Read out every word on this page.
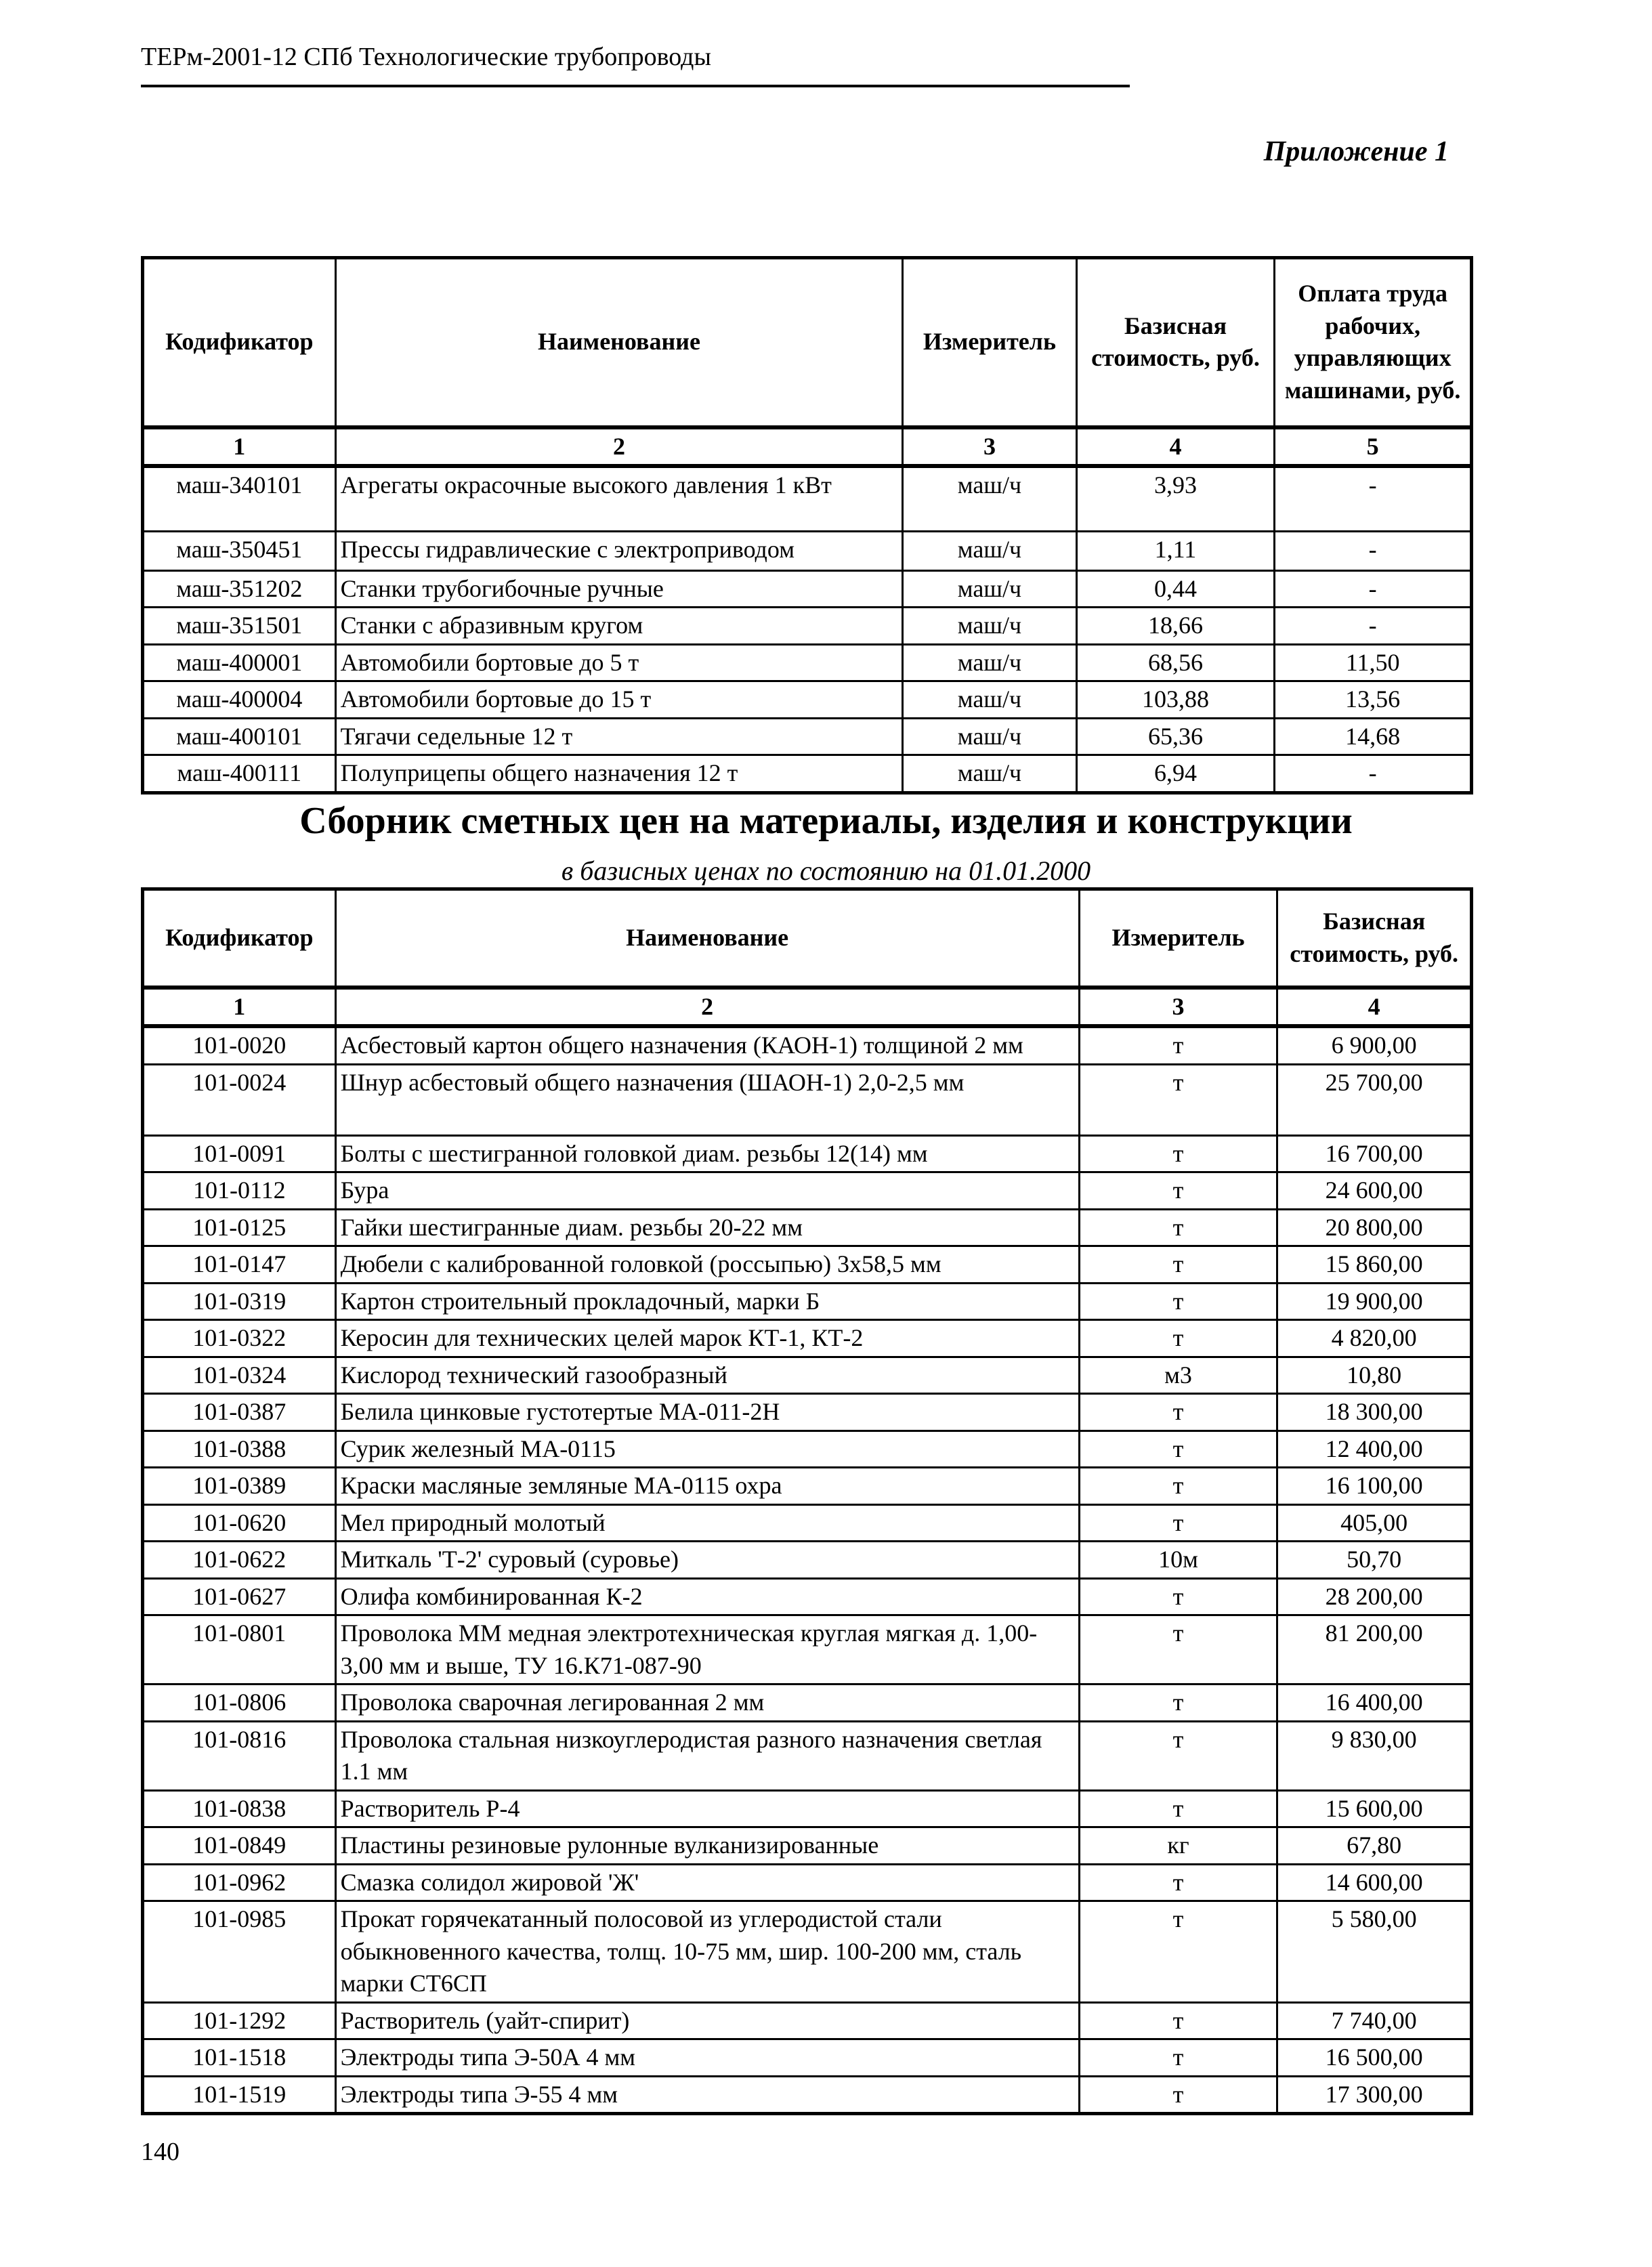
ТЕРм-2001-12 СПб Технологические трубопроводы
Приложение 1
Кодификатор	Наименование	Измеритель	Базисная стоимость, руб.	Оплата труда рабочих, управляющих машинами, руб.
1	2	3	4	5
маш-340101	Агрегаты окрасочные высокого давления 1 кВт	маш/ч	3,93	-
маш-350451	Прессы гидравлические с электроприводом	маш/ч	1,11	-
маш-351202	Станки трубогибочные ручные	маш/ч	0,44	-
маш-351501	Станки с абразивным кругом	маш/ч	18,66	-
маш-400001	Автомобили бортовые до 5 т	маш/ч	68,56	11,50
маш-400004	Автомобили бортовые до 15 т	маш/ч	103,88	13,56
маш-400101	Тягачи седельные 12 т	маш/ч	65,36	14,68
маш-400111	Полуприцепы общего назначения 12 т	маш/ч	6,94	-
Сборник сметных цен на материалы, изделия и конструкции
в базисных ценах по состоянию на 01.01.2000
Кодификатор	Наименование	Измеритель	Базисная стоимость, руб.
1	2	3	4
101-0020	Асбестовый картон общего назначения (КАОН-1) толщиной 2 мм	т	6 900,00
101-0024	Шнур асбестовый общего назначения (ШАОН-1) 2,0-2,5 мм	т	25 700,00
101-0091	Болты с шестигранной головкой диам. резьбы 12(14) мм	т	16 700,00
101-0112	Бура	т	24 600,00
101-0125	Гайки шестигранные диам. резьбы 20-22 мм	т	20 800,00
101-0147	Дюбели с калиброванной головкой (россыпью) 3х58,5 мм	т	15 860,00
101-0319	Картон строительный прокладочный, марки Б	т	19 900,00
101-0322	Керосин для технических целей марок КТ-1, КТ-2	т	4 820,00
101-0324	Кислород технический газообразный	м3	10,80
101-0387	Белила цинковые густотертые МА-011-2Н	т	18 300,00
101-0388	Сурик железный МА-0115	т	12 400,00
101-0389	Краски масляные земляные МА-0115 охра	т	16 100,00
101-0620	Мел природный молотый	т	405,00
101-0622	Миткаль 'Т-2' суровый (суровье)	10м	50,70
101-0627	Олифа комбинированная К-2	т	28 200,00
101-0801	Проволока ММ медная электротехническая круглая мягкая д. 1,00-3,00 мм и выше, ТУ 16.К71-087-90	т	81 200,00
101-0806	Проволока сварочная легированная 2 мм	т	16 400,00
101-0816	Проволока стальная низкоуглеродистая разного назначения светлая 1.1 мм	т	9 830,00
101-0838	Растворитель Р-4	т	15 600,00
101-0849	Пластины резиновые рулонные вулканизированные	кг	67,80
101-0962	Смазка солидол жировой 'Ж'	т	14 600,00
101-0985	Прокат горячекатанный полосовой из углеродистой стали обыкновенного качества, толщ. 10-75 мм, шир. 100-200 мм, сталь марки СТ6СП	т	5 580,00
101-1292	Растворитель (уайт-спирит)	т	7 740,00
101-1518	Электроды типа Э-50А 4 мм	т	16 500,00
101-1519	Электроды типа Э-55 4 мм	т	17 300,00
140
